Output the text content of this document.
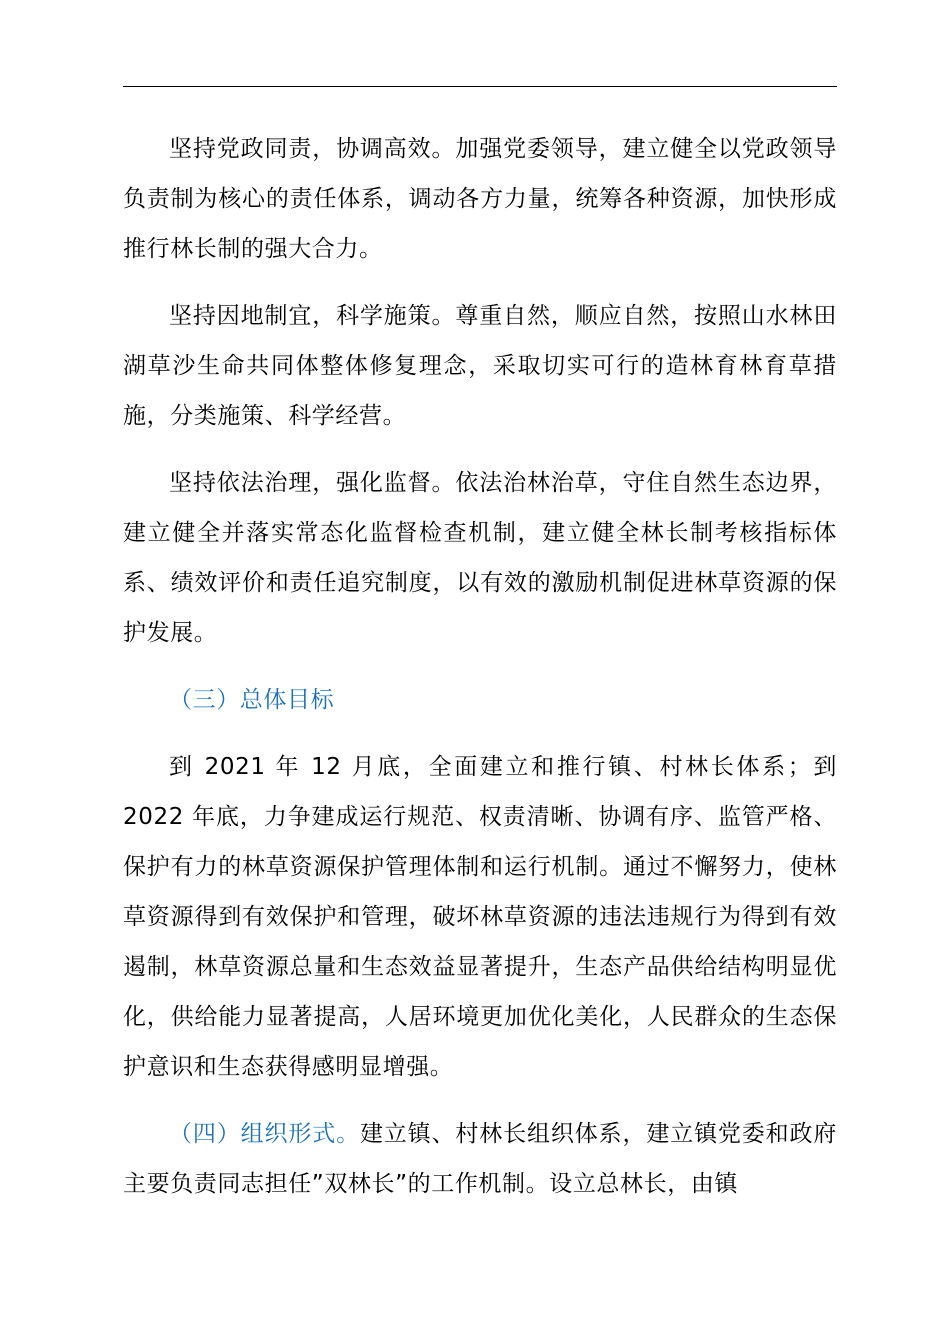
坚持党政同责，协调高效。加强党委领导，建立健全以党政领导负责制为核心的责任体系，调动各方力量，统筹各种资源，加快形成推行林长制的强大合力。

坚持因地制宜，科学施策。尊重自然，顺应自然，按照山水林田湖草沙生命共同体整体修复理念，采取切实可行的造林育林育草措施，分类施策、科学经营。

坚持依法治理，强化监督。依法治林治草，守住自然生态边界，建立健全并落实常态化监督检查机制，建立健全林长制考核指标体系、绩效评价和责任追究制度，以有效的激励机制促进林草资源的保护发展。

（三）总体目标

到 2021 年 12 月底，全面建立和推行镇、村林长体系；到 2022 年底，力争建成运行规范、权责清晰、协调有序、监管严格、保护有力的林草资源保护管理体制和运行机制。通过不懈努力，使林草资源得到有效保护和管理，破坏林草资源的违法违规行为得到有效遏制，林草资源总量和生态效益显著提升，生态产品供给结构明显优化，供给能力显著提高，人居环境更加优化美化，人民群众的生态保护意识和生态获得感明显增强。

（四）组织形式。建立镇、村林长组织体系，建立镇党委和政府主要负责同志担任”双林长”的工作机制。设立总林长，由镇
